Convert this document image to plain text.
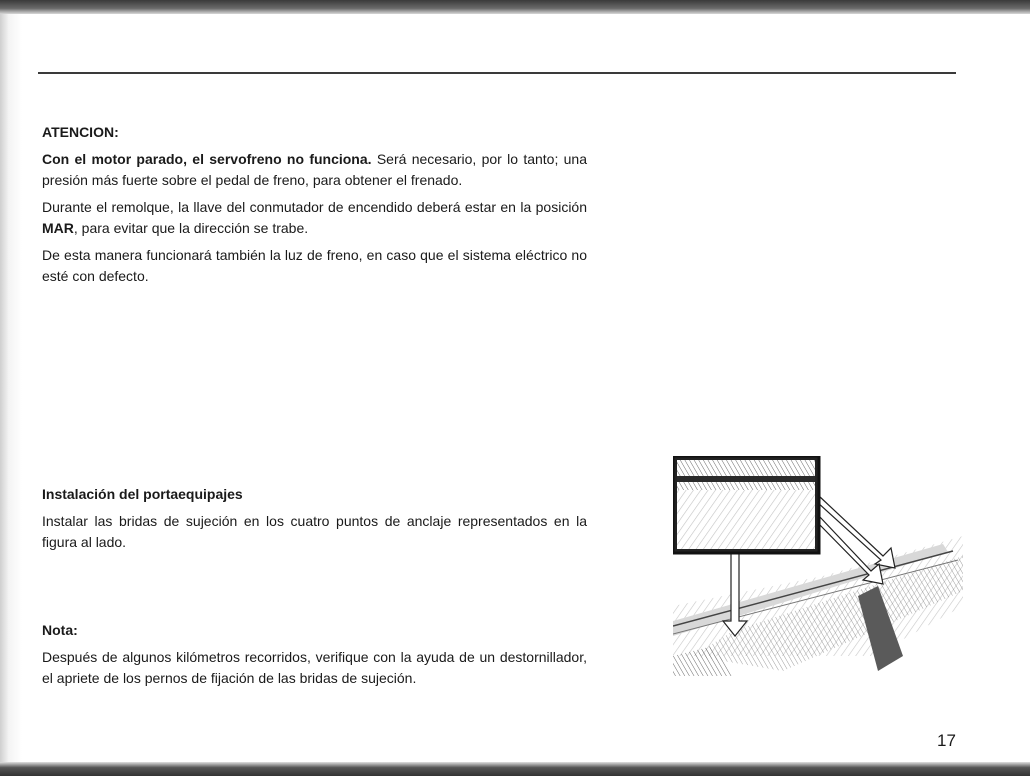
ATENCION:

Con el motor parado, el servofreno no funciona. Será necesario, por lo tanto; una presión más fuerte sobre el pedal de freno, para obtener el frenado.

Durante el remolque, la llave del conmutador de encendido deberá estar en la posición MAR, para evitar que la dirección se trabe.

De esta manera funcionará también la luz de freno, en caso que el sistema eléctrico no esté con defecto.

Instalación del portaequipajes

Instalar las bridas de sujeción en los cuatro puntos de anclaje representados en la figura al lado.

Nota:

Después de algunos kilómetros recorridos, verifique con la ayuda de un destornillador, el apriete de los pernos de fijación de las bridas de sujeción.

17
